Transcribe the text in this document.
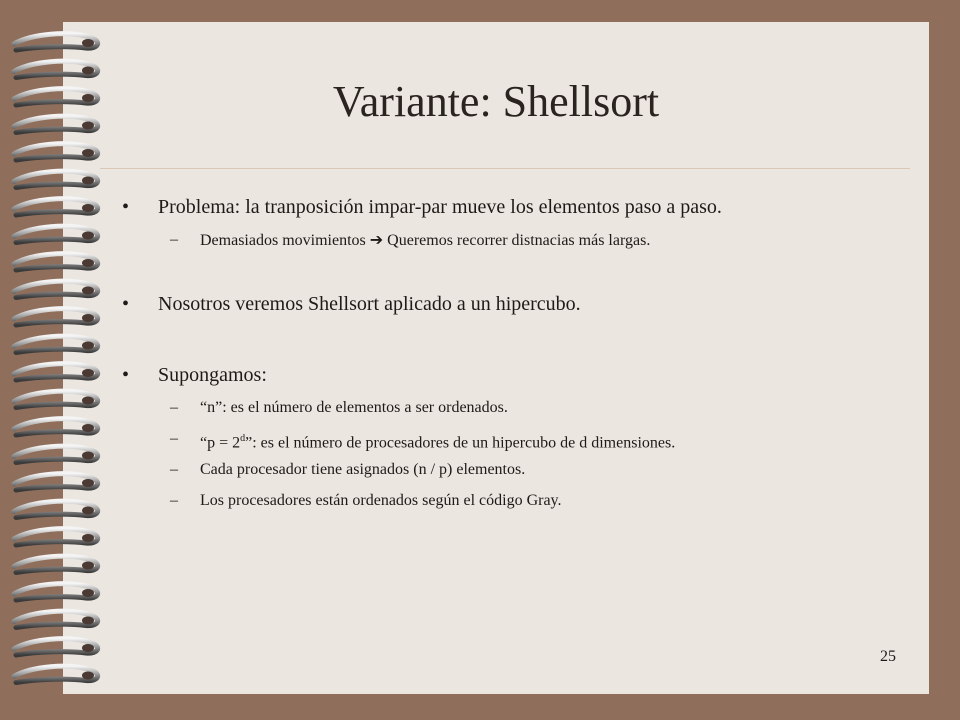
Variante: Shellsort
• Problema: la tranposición impar-par mueve los elementos paso a paso.
– Demasiados movimientos ➔ Queremos recorrer distnacias más largas.
• Nosotros veremos Shellsort aplicado a un hipercubo.
• Supongamos:
– “n”: es el número de elementos a ser ordenados.
– “$p = 2^d$”: es el número de procesadores de un hipercubo de d dimensiones.
– Cada procesador tiene asignados (n / p) elementos.
– Los procesadores están ordenados según el código Gray.
25
